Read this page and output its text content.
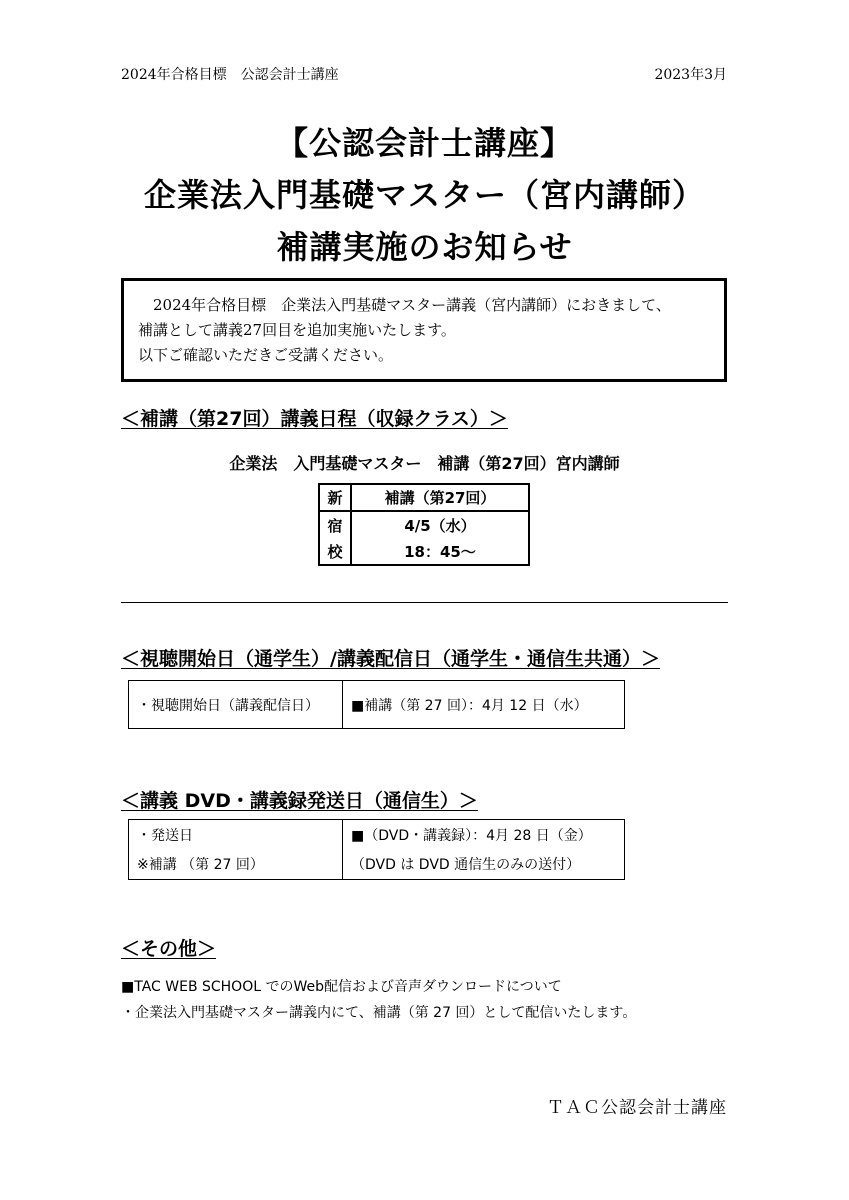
2024年合格目標　公認会計士講座	2023年3月
【公認会計士講座】
企業法入門基礎マスター（宮内講師）
補講実施のお知らせ
　2024年合格目標　企業法入門基礎マスター講義（宮内講師）におきまして、
補講として講義27回目を追加実施いたします。
以下ご確認いただきご受講ください。
＜補講（第27回）講義日程（収録クラス）＞
企業法　入門基礎マスター　補講（第27回）宮内講師
新	補講（第27回）
宿	4/5（水）
校	18：45～
＜視聴開始日（通学生）/講義配信日（通学生・通信生共通）＞
・視聴開始日（講義配信日）	■補講（第 27 回）：4月 12 日（水）
＜講義 DVD・講義録発送日（通信生）＞
・発送日	■（DVD・講義録）：4月 28 日（金）
※補講 （第 27 回）	（DVD は DVD 通信生のみの送付）
＜その他＞
■TAC WEB SCHOOL でのWeb配信および音声ダウンロードについて
・企業法入門基礎マスター講義内にて、補講（第 27 回）として配信いたします。
ＴＡＣ公認会計士講座
